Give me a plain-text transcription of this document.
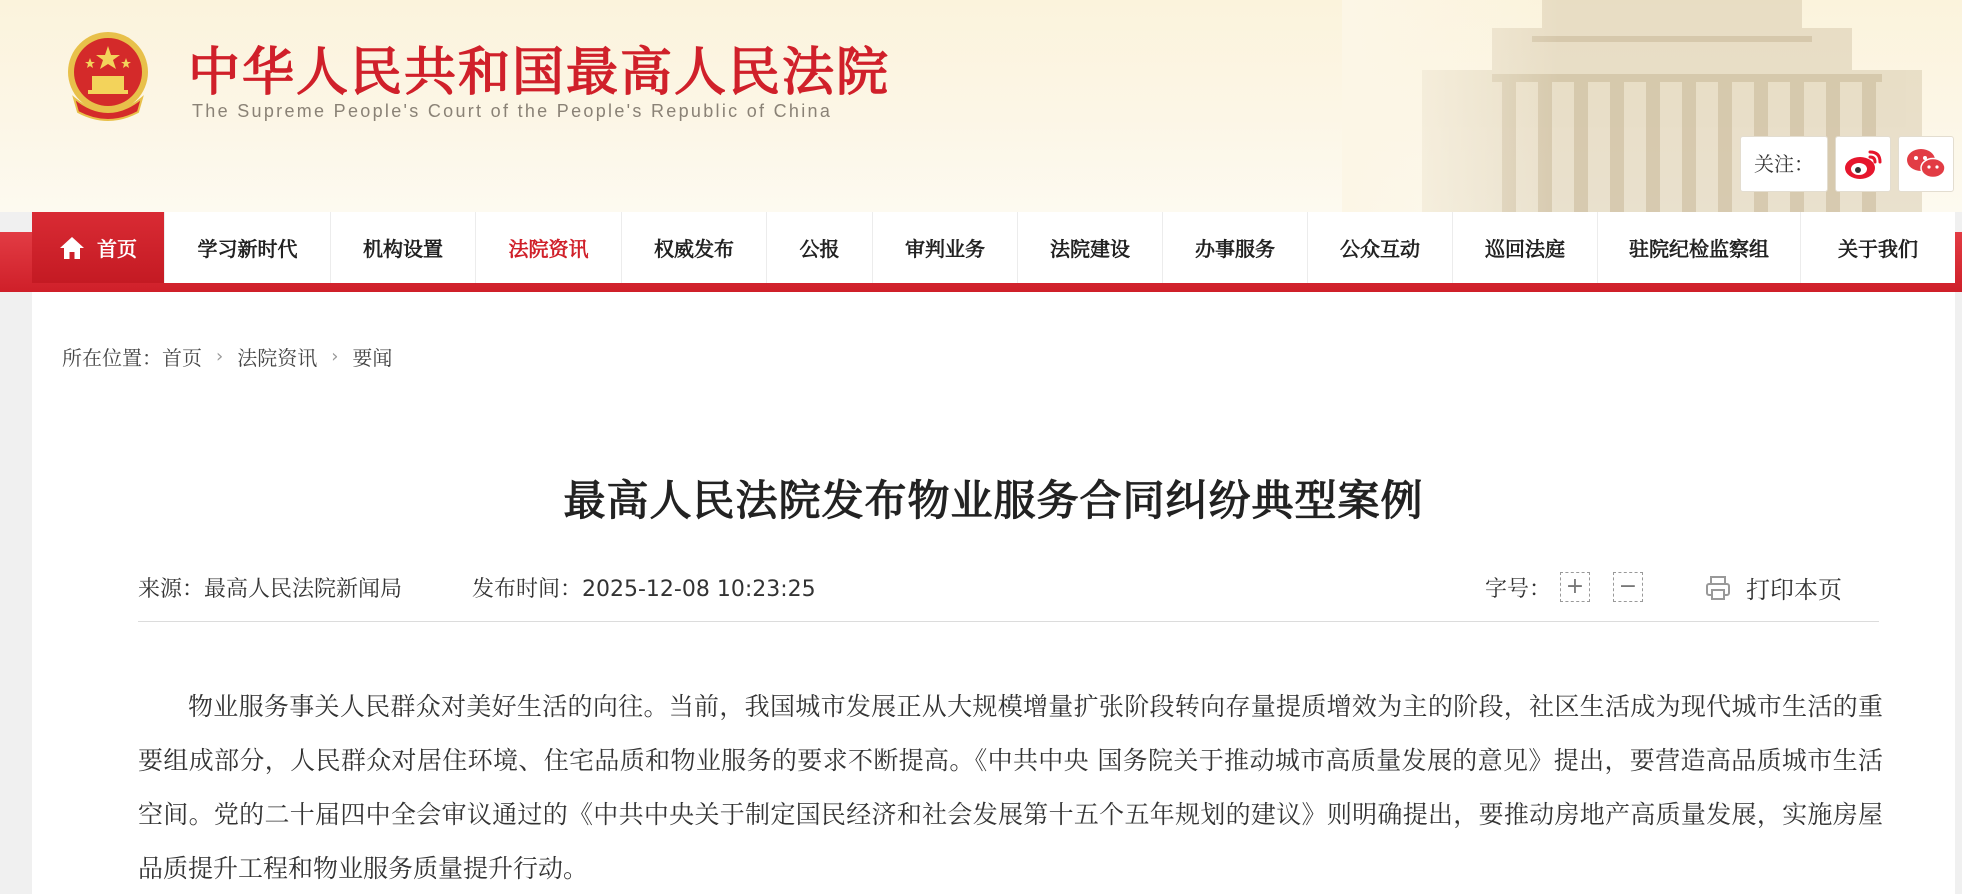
中华人民共和国最高人民法院
The Supreme People's Court of the People's Republic of China
关注：
首页	学习新时代	机构设置	法院资讯	权威发布	公报	审判业务	法院建设	办事服务	公众互动	巡回法庭	驻院纪检监察组	关于我们
所在位置： 首页 › 法院资讯 › 要闻
最高人民法院发布物业服务合同纠纷典型案例
来源：最高人民法院新闻局	发布时间：2025-12-08 10:23:25	字号： + −	打印本页

物业服务事关人民群众对美好生活的向往。当前，我国城市发展正从大规模增量扩张阶段转向存量提质增效为主的阶段，社区生活成为现代城市生活的重要组成部分，人民群众对居住环境、住宅品质和物业服务的要求不断提高。《中共中央 国务院关于推动城市高质量发展的意见》提出，要营造高品质城市生活空间。党的二十届四中全会审议通过的《中共中央关于制定国民经济和社会发展第十五个五年规划的建议》则明确提出，要推动房地产高质量发展，实施房屋品质提升工程和物业服务质量提升行动。
